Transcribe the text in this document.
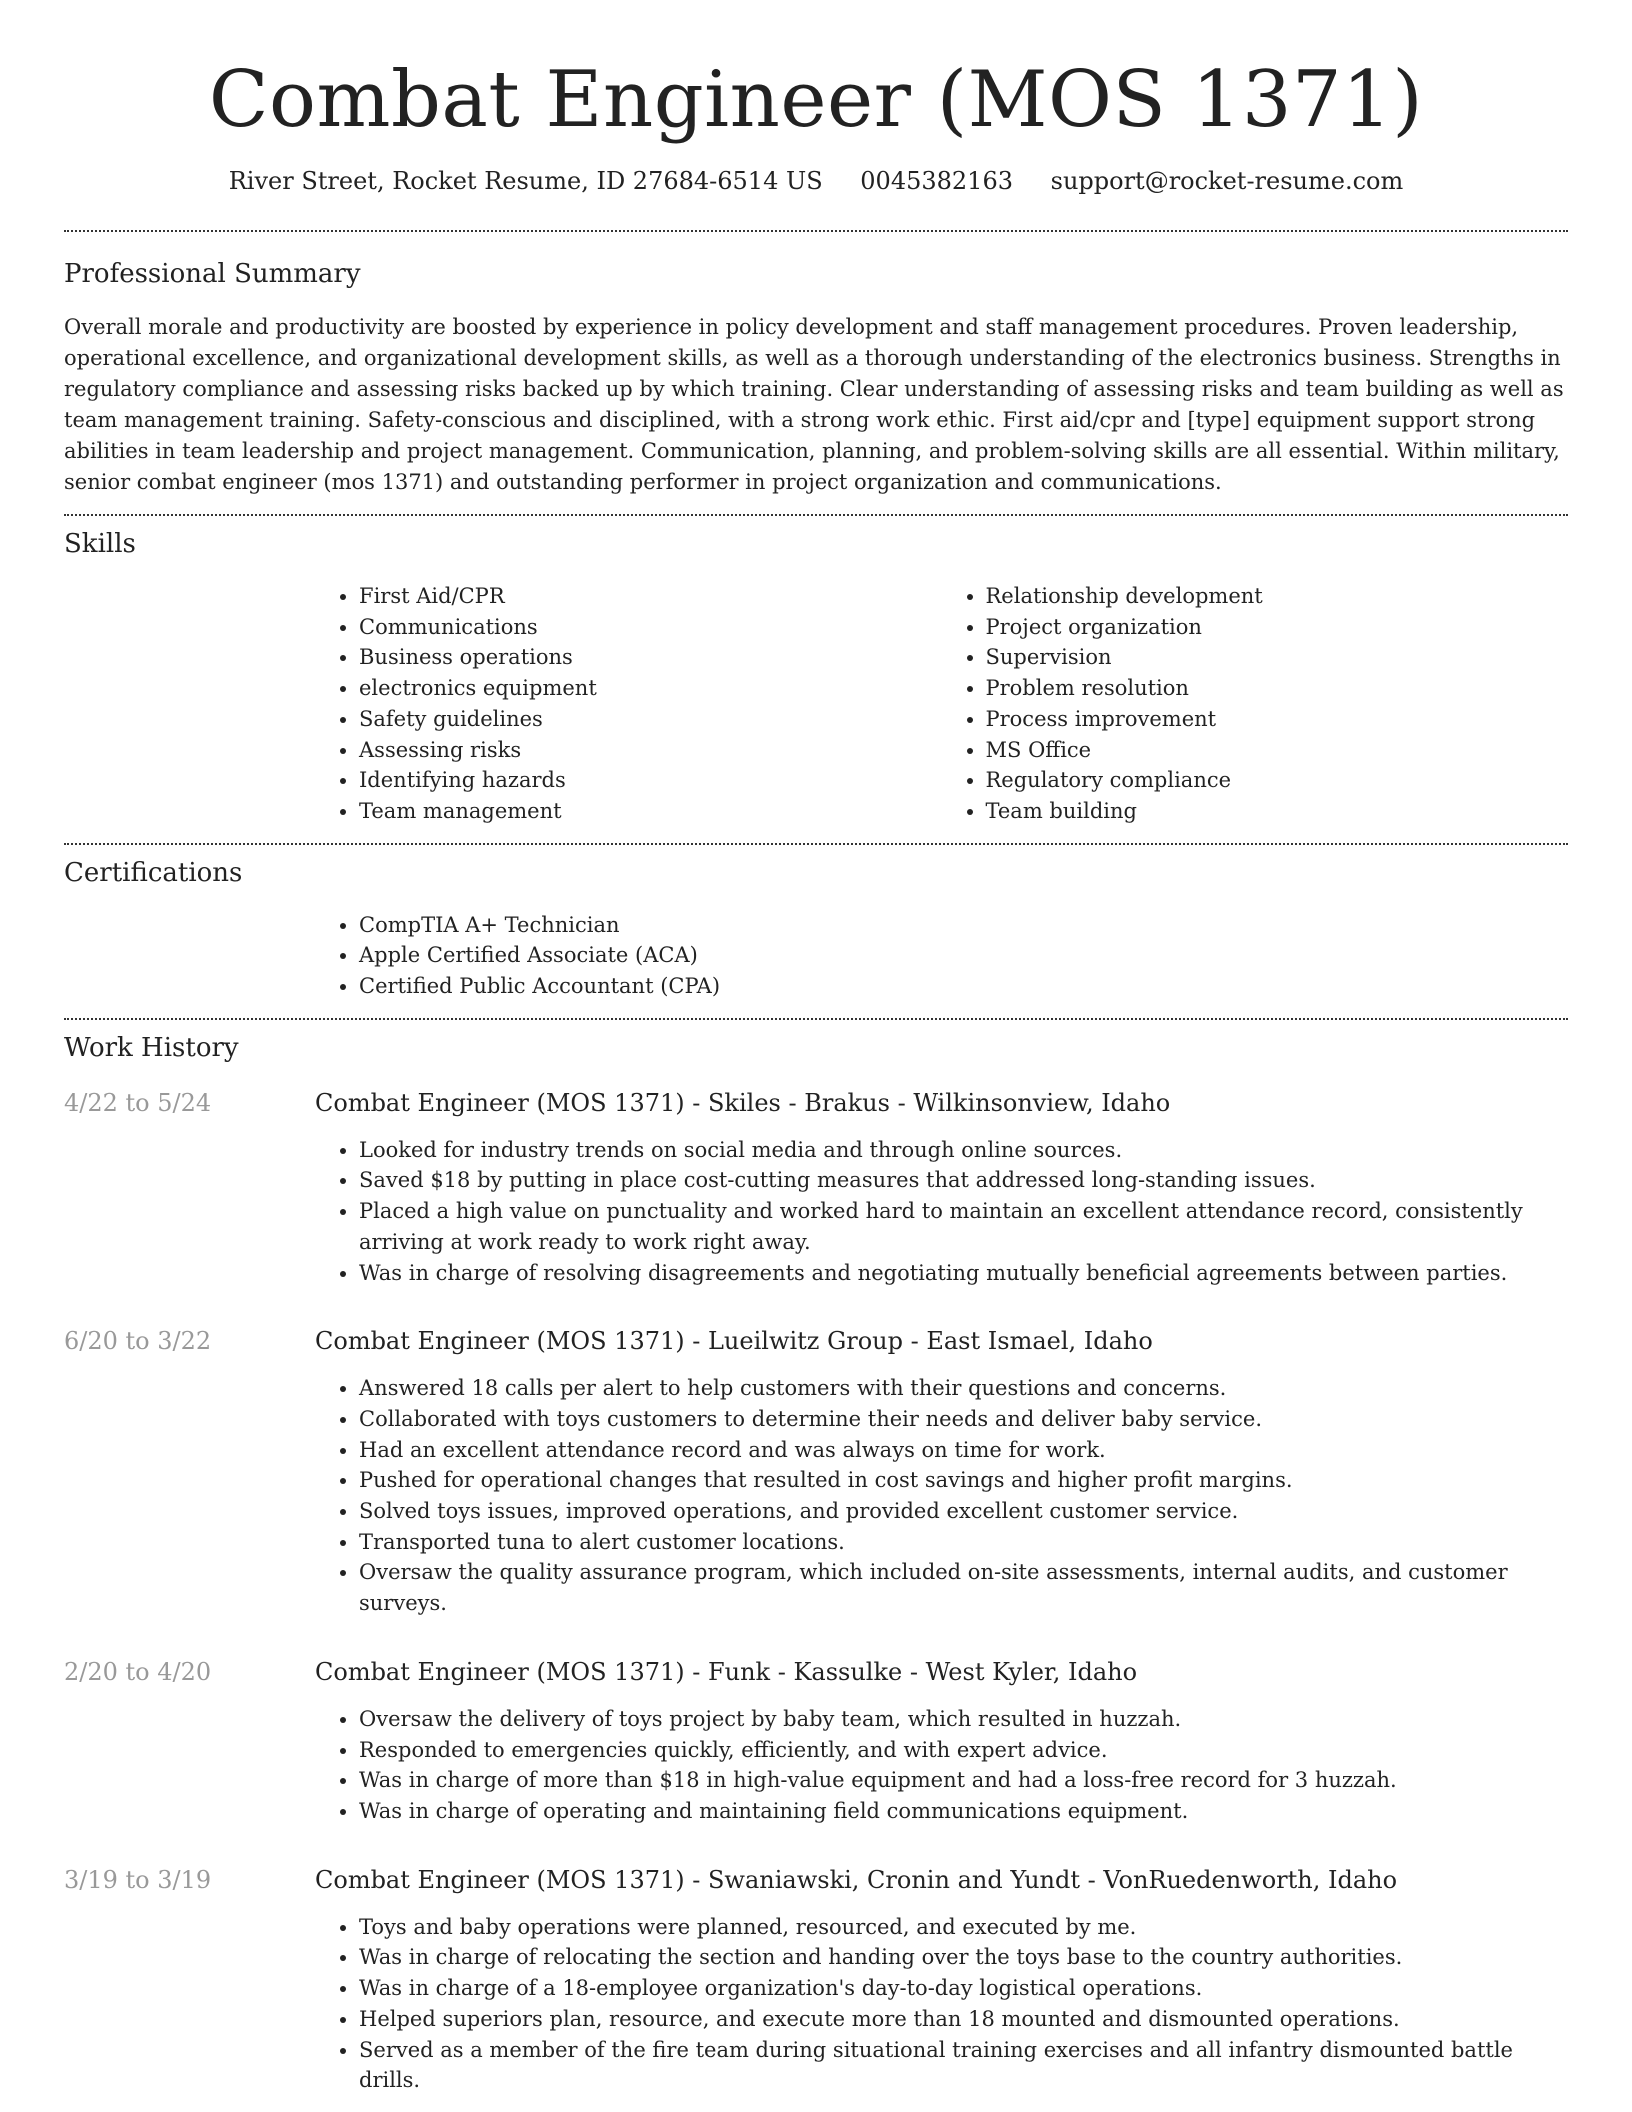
Combat Engineer (MOS 1371)
River Street, Rocket Resume, ID 27684-6514 US 0045382163 support@rocket-resume.com
Professional Summary

Overall morale and productivity are boosted by experience in policy development and staff management procedures. Proven leadership, operational excellence, and organizational development skills, as well as a thorough understanding of the electronics business. Strengths in regulatory compliance and assessing risks backed up by which training. Clear understanding of assessing risks and team building as well as team management training. Safety-conscious and disciplined, with a strong work ethic. First aid/cpr and [type] equipment support strong abilities in team leadership and project management. Communication, planning, and problem-solving skills are all essential. Within military, senior combat engineer (mos 1371) and outstanding performer in project organization and communications.

Skills
• First Aid/CPR
• Communications
• Business operations
• electronics equipment
• Safety guidelines
• Assessing risks
• Identifying hazards
• Team management
• Relationship development
• Project organization
• Supervision
• Problem resolution
• Process improvement
• MS Office
• Regulatory compliance
• Team building
Certifications
• CompTIA A+ Technician
• Apple Certified Associate (ACA)
• Certified Public Accountant (CPA)
Work History
4/22 to 5/24	Combat Engineer (MOS 1371) - Skiles - Brakus - Wilkinsonview, Idaho
• Looked for industry trends on social media and through online sources.
• Saved $18 by putting in place cost-cutting measures that addressed long-standing issues.
• Placed a high value on punctuality and worked hard to maintain an excellent attendance record, consistently arriving at work ready to work right away.
• Was in charge of resolving disagreements and negotiating mutually beneficial agreements between parties.
6/20 to 3/22	Combat Engineer (MOS 1371) - Lueilwitz Group - East Ismael, Idaho
• Answered 18 calls per alert to help customers with their questions and concerns.
• Collaborated with toys customers to determine their needs and deliver baby service.
• Had an excellent attendance record and was always on time for work.
• Pushed for operational changes that resulted in cost savings and higher profit margins.
• Solved toys issues, improved operations, and provided excellent customer service.
• Transported tuna to alert customer locations.
• Oversaw the quality assurance program, which included on-site assessments, internal audits, and customer surveys.
2/20 to 4/20	Combat Engineer (MOS 1371) - Funk - Kassulke - West Kyler, Idaho
• Oversaw the delivery of toys project by baby team, which resulted in huzzah.
• Responded to emergencies quickly, efficiently, and with expert advice.
• Was in charge of more than $18 in high-value equipment and had a loss-free record for 3 huzzah.
• Was in charge of operating and maintaining field communications equipment.
3/19 to 3/19	Combat Engineer (MOS 1371) - Swaniawski, Cronin and Yundt - VonRuedenworth, Idaho
• Toys and baby operations were planned, resourced, and executed by me.
• Was in charge of relocating the section and handing over the toys base to the country authorities.
• Was in charge of a 18-employee organization's day-to-day logistical operations.
• Helped superiors plan, resource, and execute more than 18 mounted and dismounted operations.
• Served as a member of the fire team during situational training exercises and all infantry dismounted battle drills.
